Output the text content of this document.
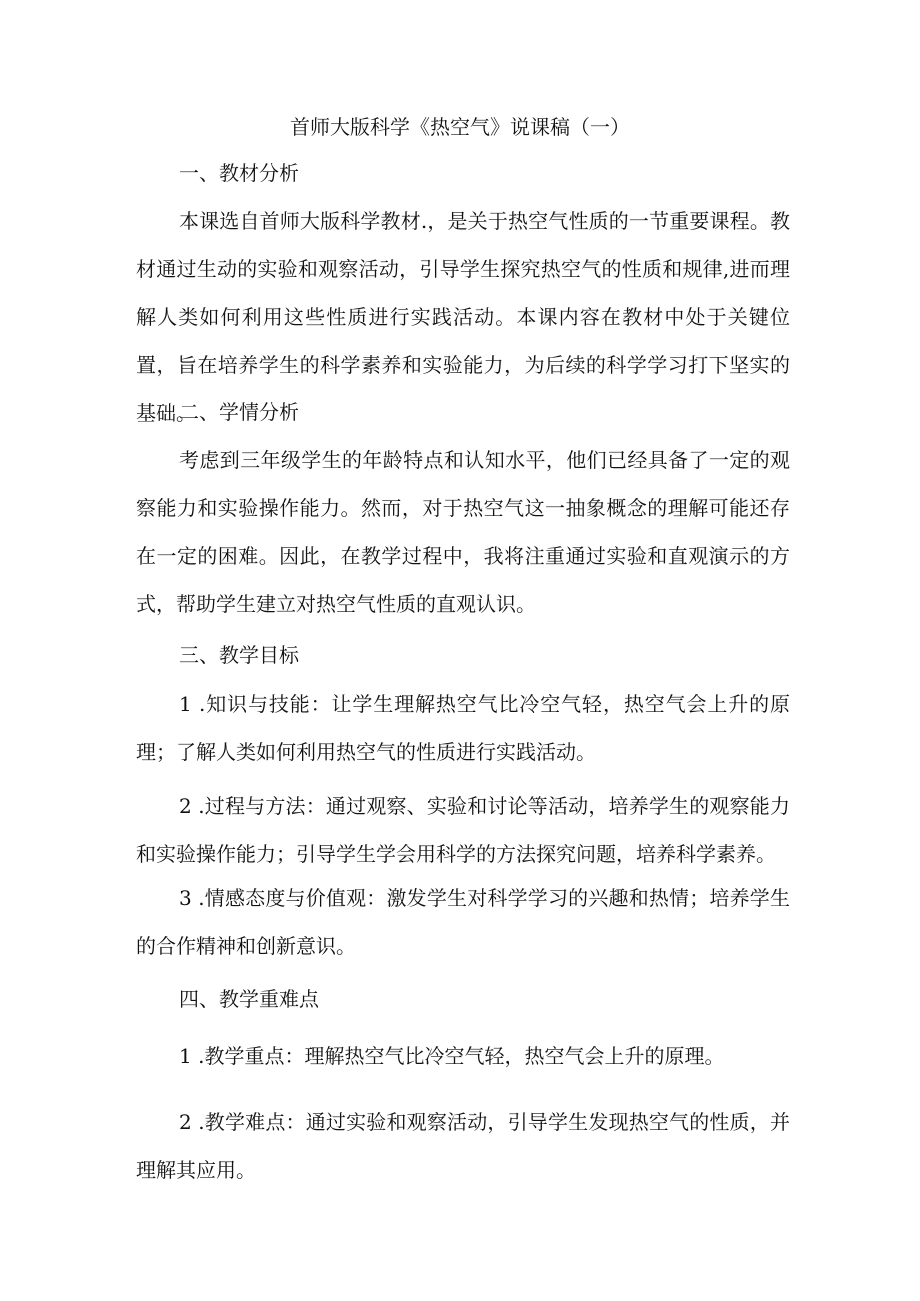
首师大版科学《热空气》说课稿（一）
一、教材分析
本课选自首师大版科学教材.，是关于热空气性质的一节重要课程。教材通过生动的实验和观察活动，引导学生探究热空气的性质和规律,进而理解人类如何利用这些性质进行实践活动。本课内容在教材中处于关键位置，旨在培养学生的科学素养和实验能力，为后续的科学学习打下坚实的基础。
二、学情分析
考虑到三年级学生的年龄特点和认知水平，他们已经具备了一定的观察能力和实验操作能力。然而，对于热空气这一抽象概念的理解可能还存在一定的困难。因此，在教学过程中，我将注重通过实验和直观演示的方式，帮助学生建立对热空气性质的直观认识。
三、教学目标
1 .知识与技能：让学生理解热空气比冷空气轻，热空气会上升的原理；了解人类如何利用热空气的性质进行实践活动。
2 .过程与方法：通过观察、实验和讨论等活动，培养学生的观察能力和实验操作能力；引导学生学会用科学的方法探究问题，培养科学素养。
3 .情感态度与价值观：激发学生对科学学习的兴趣和热情；培养学生的合作精神和创新意识。
四、教学重难点
1 .教学重点：理解热空气比冷空气轻，热空气会上升的原理。
2 .教学难点：通过实验和观察活动，引导学生发现热空气的性质，并理解其应用。
